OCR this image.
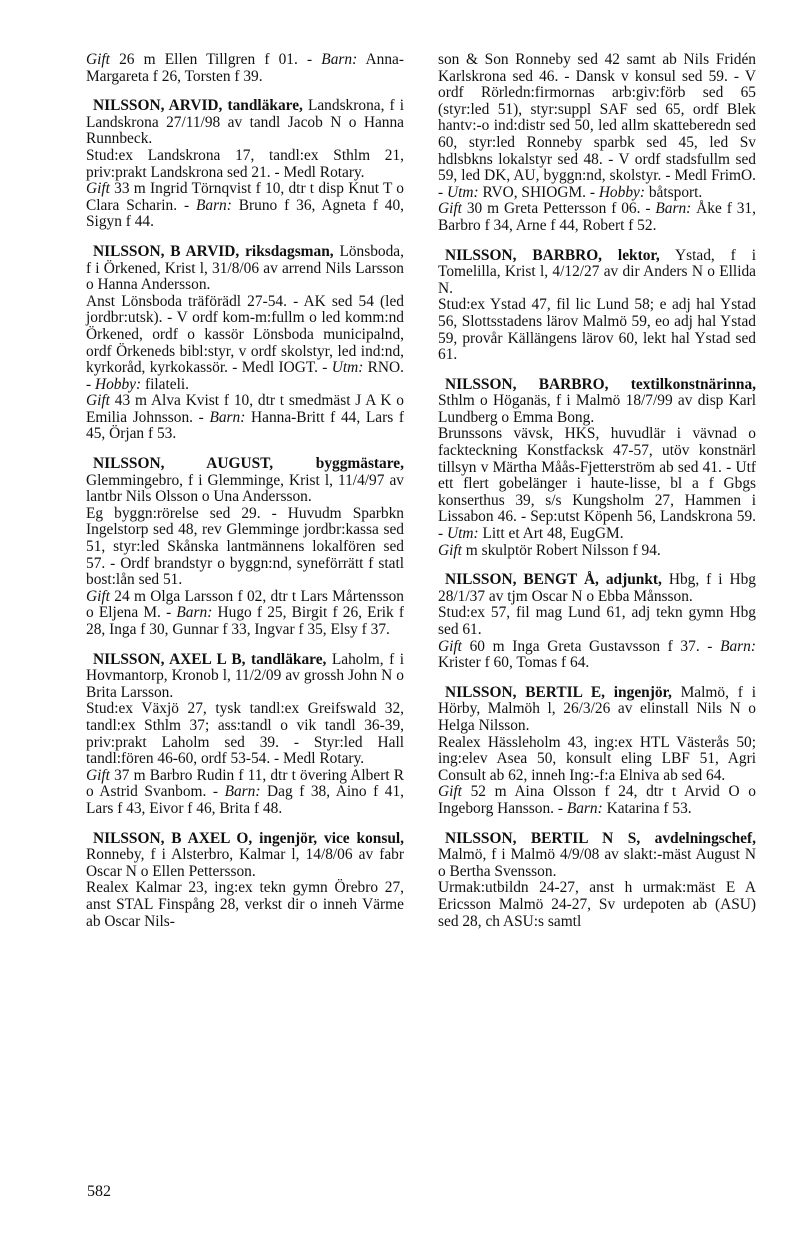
Gift 26 m Ellen Tillgren f 01. - Barn: Anna-Margareta f 26, Torsten f 39.

NILSSON, ARVID, tandläkare, Landskrona, f i Landskrona 27/11/98 av tandl Jacob N o Hanna Runnbeck.

Stud:ex Landskrona 17, tandl:ex Sthlm 21, priv:prakt Landskrona sed 21. - Medl Rotary.

Gift 33 m Ingrid Törnqvist f 10, dtr t disp Knut T o Clara Scharin. - Barn: Bruno f 36, Agneta f 40, Sigyn f 44.

NILSSON, B ARVID, riksdagsman, Lönsboda, f i Örkened, Krist l, 31/8/06 av arrend Nils Larsson o Hanna Andersson.

Anst Lönsboda träförädl 27-54. - AK sed 54 (led jordbr:utsk). - V ordf kom-m:fullm o led komm:nd Örkened, ordf o kassör Lönsboda municipalnd, ordf Örkeneds bibl:styr, v ordf skolstyr, led ind:nd, kyrkoråd, kyrkokassör. - Medl IOGT. - Utm: RNO. - Hobby: filateli.

Gift 43 m Alva Kvist f 10, dtr t smedmäst J A K o Emilia Johnsson. - Barn: Hanna-Britt f 44, Lars f 45, Örjan f 53.

NILSSON, AUGUST, byggmästare, Glemmingebro, f i Glemminge, Krist l, 11/4/97 av lantbr Nils Olsson o Una Andersson.

Eg byggn:rörelse sed 29. - Huvudm Sparbkn Ingelstorp sed 48, rev Glemminge jordbr:kassa sed 51, styr:led Skånska lantmännens lokalfören sed 57. - Ordf brandstyr o byggn:nd, syneförrätt f statl bost:lån sed 51.

Gift 24 m Olga Larsson f 02, dtr t Lars Mårtensson o Eljena M. - Barn: Hugo f 25, Birgit f 26, Erik f 28, Inga f 30, Gunnar f 33, Ingvar f 35, Elsy f 37.

NILSSON, AXEL L B, tandläkare, Laholm, f i Hovmantorp, Kronob l, 11/2/09 av grossh John N o Brita Larsson.

Stud:ex Växjö 27, tysk tandl:ex Greifswald 32, tandl:ex Sthlm 37; ass:tandl o vik tandl 36-39, priv:prakt Laholm sed 39. - Styr:led Hall tandl:fören 46-60, ordf 53-54. - Medl Rotary.

Gift 37 m Barbro Rudin f 11, dtr t övering Albert R o Astrid Svanbom. - Barn: Dag f 38, Aino f 41, Lars f 43, Eivor f 46, Brita f 48.

NILSSON, B AXEL O, ingenjör, vice konsul, Ronneby, f i Alsterbro, Kalmar l, 14/8/06 av fabr Oscar N o Ellen Pettersson.

Realex Kalmar 23, ing:ex tekn gymn Örebro 27, anst STAL Finspång 28, verkst dir o inneh Värme ab Oscar Nils-

son & Son Ronneby sed 42 samt ab Nils Fridén Karlskrona sed 46. - Dansk v konsul sed 59. - V ordf Rörledn:firmornas arb:giv:förb sed 65 (styr:led 51), styr:suppl SAF sed 65, ordf Blek hantv:-o ind:distr sed 50, led allm skatteberedn sed 60, styr:led Ronneby sparbk sed 45, led Sv hdlsbkns lokalstyr sed 48. - V ordf stadsfullm sed 59, led DK, AU, byggn:nd, skolstyr. - Medl FrimO. - Utm: RVO, SHIOGM. - Hobby: båtsport.

Gift 30 m Greta Pettersson f 06. - Barn: Åke f 31, Barbro f 34, Arne f 44, Robert f 52.

NILSSON, BARBRO, lektor, Ystad, f i Tomelilla, Krist l, 4/12/27 av dir Anders N o Ellida N.

Stud:ex Ystad 47, fil lic Lund 58; e adj hal Ystad 56, Slottsstadens lärov Malmö 59, eo adj hal Ystad 59, provår Källängens lärov 60, lekt hal Ystad sed 61.

NILSSON, BARBRO, textilkonstnärinna, Sthlm o Höganäs, f i Malmö 18/7/99 av disp Karl Lundberg o Emma Bong.

Brunssons vävsk, HKS, huvudlär i vävnad o fackteckning Konstfacksk 47-57, utöv konstnärl tillsyn v Märtha Måås-Fjetterström ab sed 41. - Utf ett flert gobelänger i haute-lisse, bl a f Gbgs konserthus 39, s/s Kungsholm 27, Hammen i Lissabon 46. - Sep:utst Köpenh 56, Landskrona 59. - Utm: Litt et Art 48, EugGM.

Gift m skulptör Robert Nilsson f 94.

NILSSON, BENGT Å, adjunkt, Hbg, f i Hbg 28/1/37 av tjm Oscar N o Ebba Månsson.

Stud:ex 57, fil mag Lund 61, adj tekn gymn Hbg sed 61.

Gift 60 m Inga Greta Gustavsson f 37. - Barn: Krister f 60, Tomas f 64.

NILSSON, BERTIL E, ingenjör, Malmö, f i Hörby, Malmöh l, 26/3/26 av elinstall Nils N o Helga Nilsson.

Realex Hässleholm 43, ing:ex HTL Västerås 50; ing:elev Asea 50, konsult eling LBF 51, Agri Consult ab 62, inneh Ing:-f:a Elniva ab sed 64.

Gift 52 m Aina Olsson f 24, dtr t Arvid O o Ingeborg Hansson. - Barn: Katarina f 53.

NILSSON, BERTIL N S, avdelningschef, Malmö, f i Malmö 4/9/08 av slakt:-mäst August N o Bertha Svensson.

Urmak:utbildn 24-27, anst h urmak:mäst E A Ericsson Malmö 24-27, Sv urdepoten ab (ASU) sed 28, ch ASU:s samtl

582
